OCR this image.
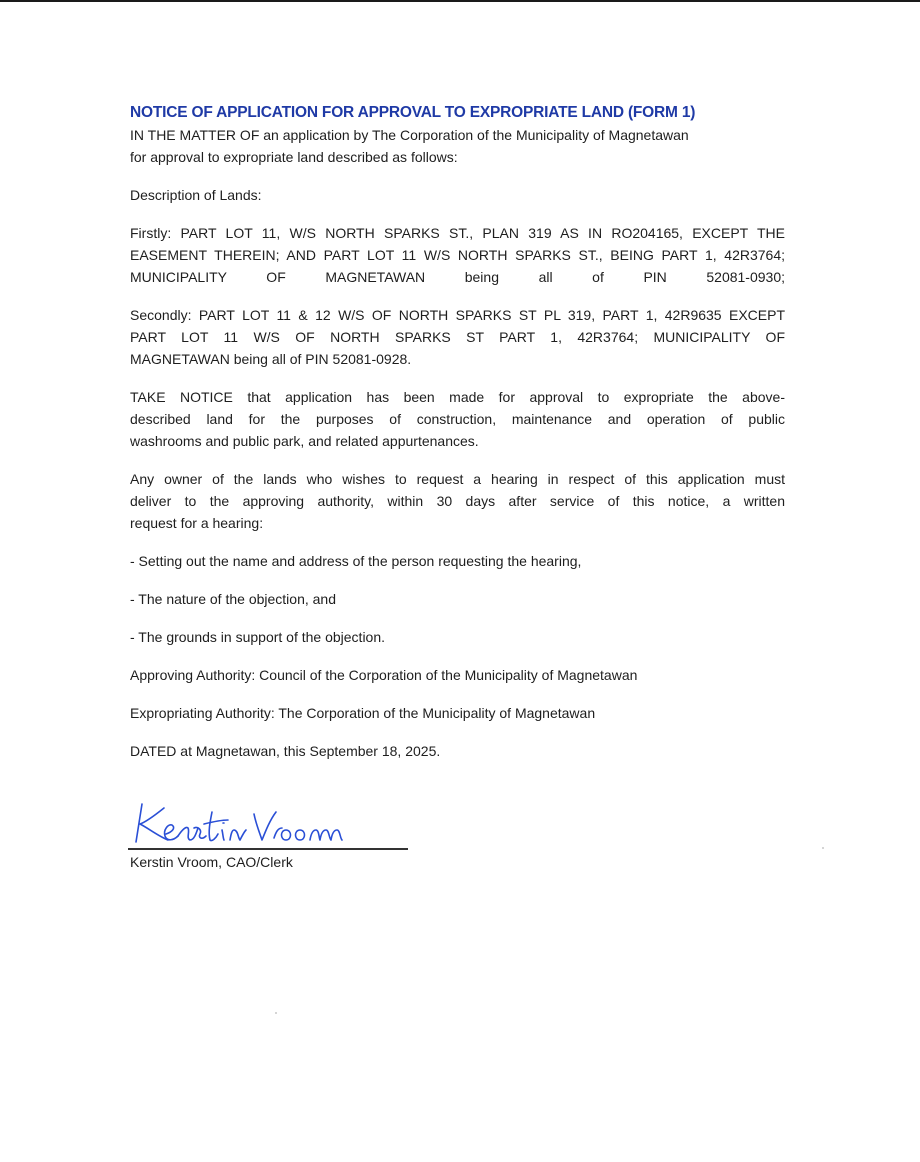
NOTICE OF APPLICATION FOR APPROVAL TO EXPROPRIATE LAND (FORM 1)

IN THE MATTER OF an application by The Corporation of the Municipality of Magnetawan
for approval to expropriate land described as follows:

Description of Lands:

Firstly: PART LOT 11, W/S NORTH SPARKS ST., PLAN 319 AS IN RO204165, EXCEPT THE
EASEMENT THEREIN; AND PART LOT 11 W/S NORTH SPARKS ST., BEING PART 1, 42R3764;
MUNICIPALITY OF MAGNETAWAN being all of PIN 52081-0930;

Secondly: PART LOT 11 & 12 W/S OF NORTH SPARKS ST PL 319, PART 1, 42R9635 EXCEPT
PART LOT 11 W/S OF NORTH SPARKS ST PART 1, 42R3764; MUNICIPALITY OF
MAGNETAWAN being all of PIN 52081-0928.

TAKE NOTICE that application has been made for approval to expropriate the above-
described land for the purposes of construction, maintenance and operation of public
washrooms and public park, and related appurtenances.

Any owner of the lands who wishes to request a hearing in respect of this application must
deliver to the approving authority, within 30 days after service of this notice, a written
request for a hearing:

- Setting out the name and address of the person requesting the hearing,

- The nature of the objection, and

- The grounds in support of the objection.

Approving Authority: Council of the Corporation of the Municipality of Magnetawan

Expropriating Authority: The Corporation of the Municipality of Magnetawan

DATED at Magnetawan, this September 18, 2025.

Kerstin Vroom, CAO/Clerk
